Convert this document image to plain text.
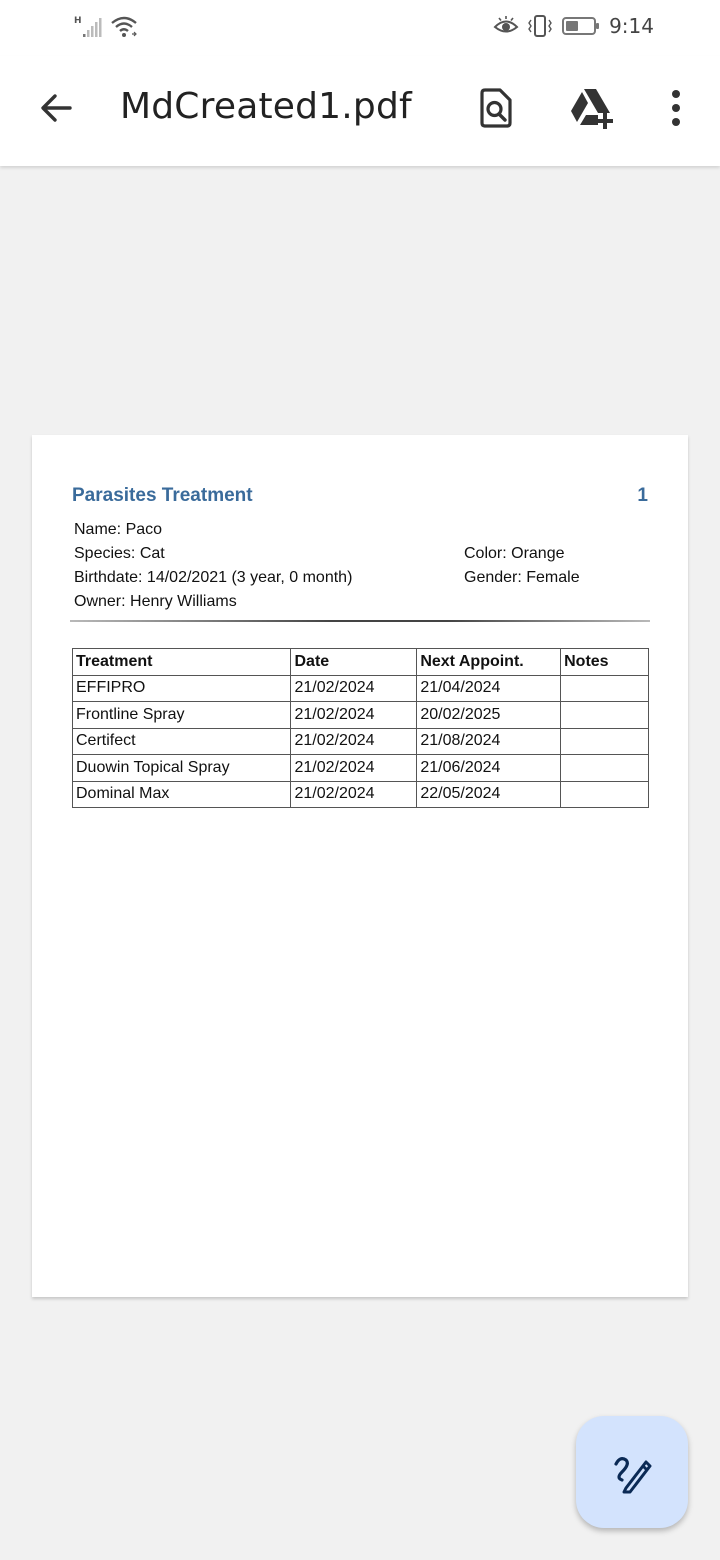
H	9:14
MdCreated1.pdf
Parasites Treatment	1
Name: Paco
Species: Cat
Birthdate: 14/02/2021 (3 year, 0 month)
Owner: Henry Williams
Color: Orange
Gender: Female
Treatment	Date	Next Appoint.	Notes
EFFIPRO	21/02/2024	21/04/2024	
Frontline Spray	21/02/2024	20/02/2025	
Certifect	21/02/2024	21/08/2024	
Duowin Topical Spray	21/02/2024	21/06/2024	
Dominal Max	21/02/2024	22/05/2024	
